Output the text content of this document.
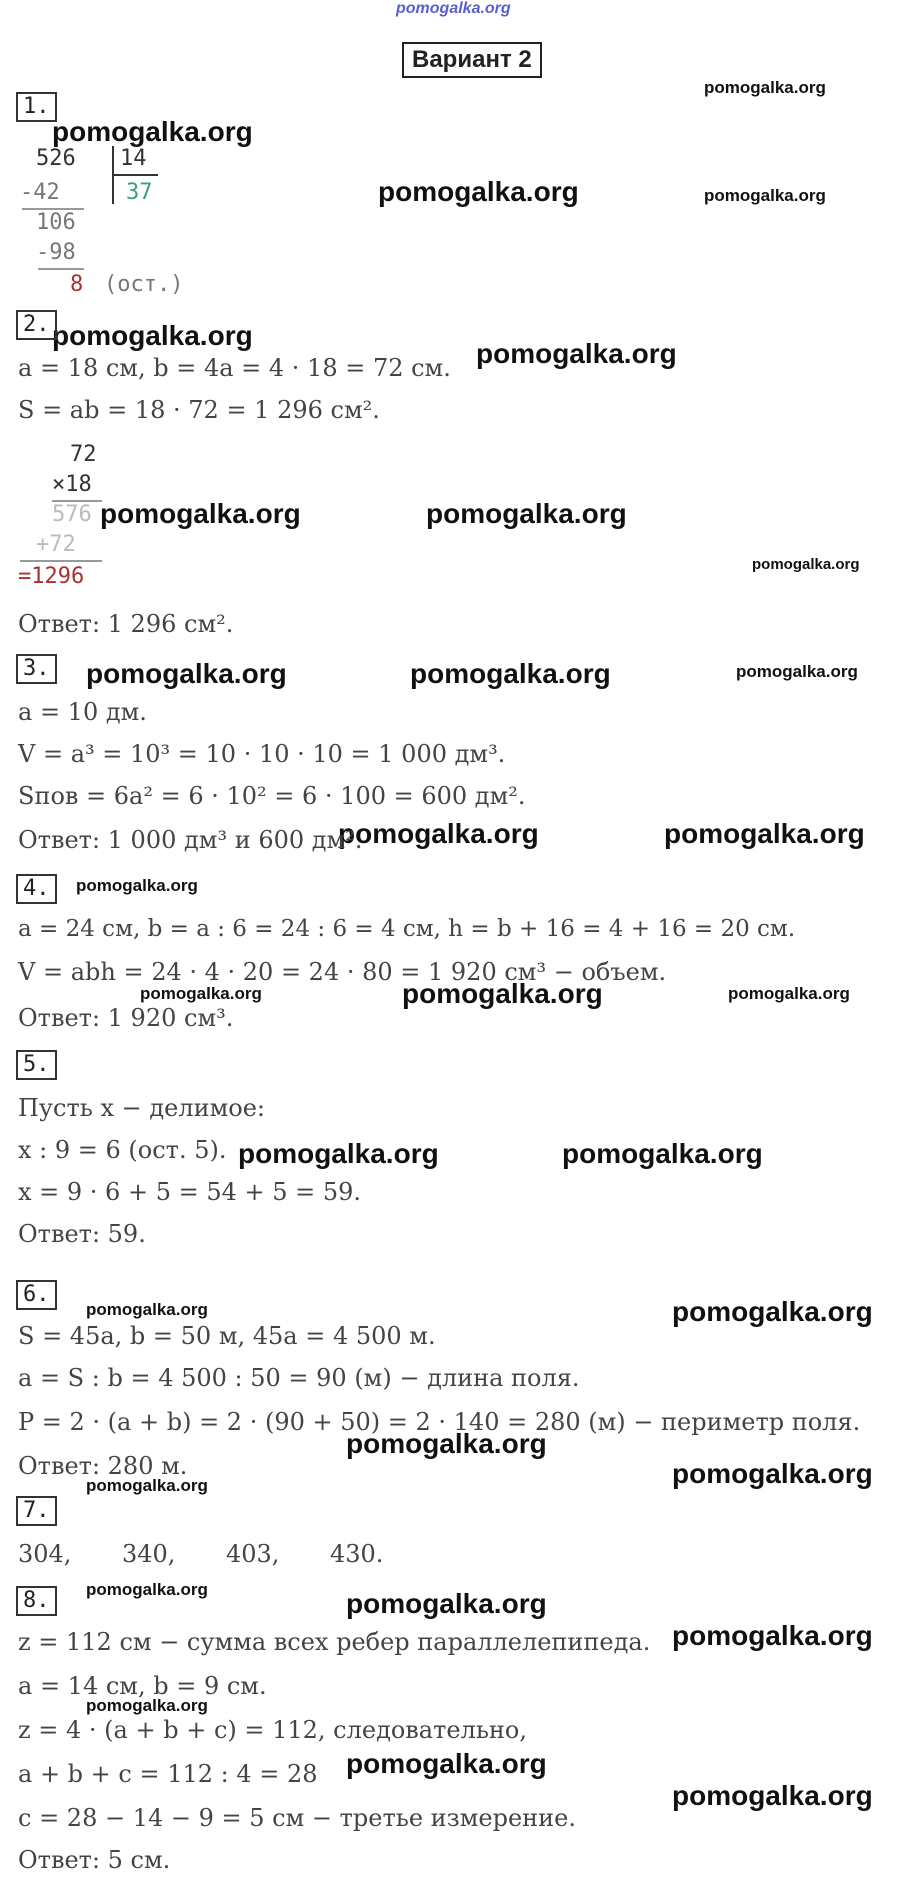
pomogalka.org
Вариант 2
pomogalka.org
pomogalka.org
pomogalka.org	pomogalka.org
pomogalka.org
pomogalka.org
pomogalka.org	pomogalka.org
pomogalka.org
pomogalka.org	pomogalka.org	pomogalka.org
pomogalka.org	pomogalka.org
pomogalka.org
pomogalka.org	pomogalka.org	pomogalka.org
pomogalka.org	pomogalka.org
pomogalka.org	pomogalka.org
pomogalka.org
pomogalka.org	pomogalka.org
pomogalka.org	pomogalka.org
pomogalka.org
pomogalka.org
pomogalka.org
pomogalka.org
1.
526 14
37
-42
106
-98
8 (ост.)
2.
a = 18 см, b = 4a = 4 · 18 = 72 см.
S = ab = 18 · 72 = 1 296 см².
72
×18
576
+72
=1296
Ответ: 1 296 см².
3.
a = 10 дм.
V = a³ = 10³ = 10 · 10 · 10 = 1 000 дм³.
Sпов = 6a² = 6 · 10² = 6 · 100 = 600 дм².
Ответ: 1 000 дм³ и 600 дм².
4.
a = 24 см, b = a : 6 = 24 : 6 = 4 см, h = b + 16 = 4 + 16 = 20 см.
V = abh = 24 · 4 · 20 = 24 · 80 = 1 920 см³ − объем.
Ответ: 1 920 см³.
5.
Пусть x − делимое:
x : 9 = 6 (ост. 5).
x = 9 · 6 + 5 = 54 + 5 = 59.
Ответ: 59.
6.
S = 45a, b = 50 м, 45a = 4 500 м.
a = S : b = 4 500 : 50 = 90 (м) − длина поля.
P = 2 · (a + b) = 2 · (90 + 50) = 2 · 140 = 280 (м) − периметр поля.
Ответ: 280 м.
7.
304, 340, 403, 430.
8.
z = 112 см − сумма всех ребер параллелепипеда.
a = 14 см, b = 9 см.
z = 4 · (a + b + c) = 112, следовательно,
a + b + c = 112 : 4 = 28
c = 28 − 14 − 9 = 5 см − третье измерение.
Ответ: 5 см.
